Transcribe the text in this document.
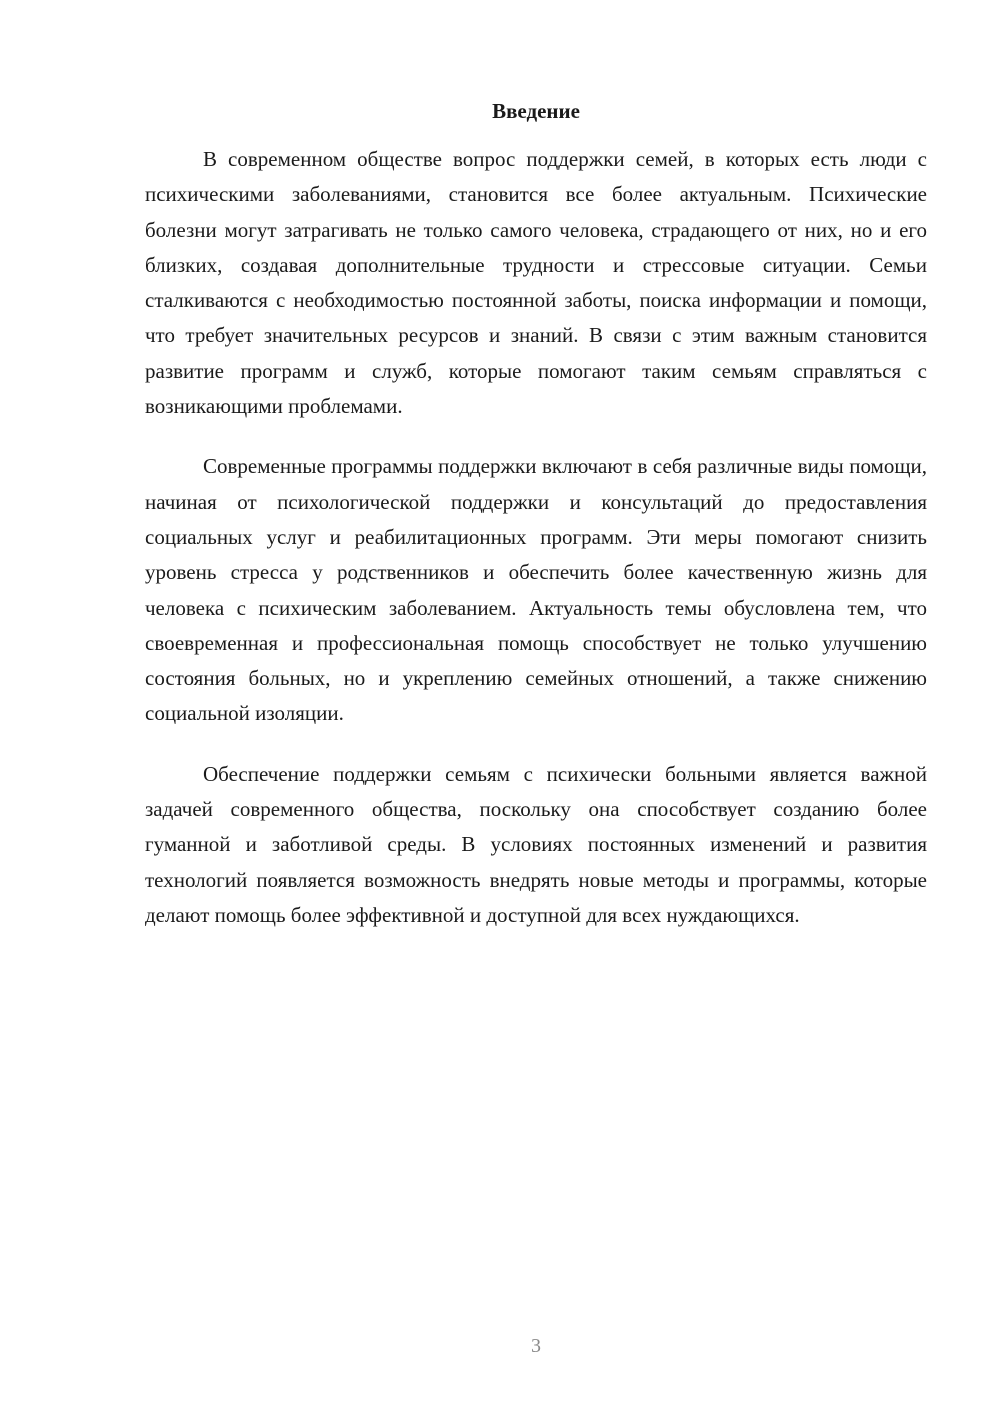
Введение

В современном обществе вопрос поддержки семей, в которых есть люди с психическими заболеваниями, становится все более актуальным. Психические болезни могут затрагивать не только самого человека, страдающего от них, но и его близких, создавая дополнительные трудности и стрессовые ситуации. Семьи сталкиваются с необходимостью постоянной заботы, поиска информации и помощи, что требует значительных ресурсов и знаний. В связи с этим важным становится развитие программ и служб, которые помогают таким семьям справляться с возникающими проблемами.

Современные программы поддержки включают в себя различные виды помощи, начиная от психологической поддержки и консультаций до предоставления социальных услуг и реабилитационных программ. Эти меры помогают снизить уровень стресса у родственников и обеспечить более качественную жизнь для человека с психическим заболеванием. Актуальность темы обусловлена тем, что своевременная и профессиональная помощь способствует не только улучшению состояния больных, но и укреплению семейных отношений, а также снижению социальной изоляции.

Обеспечение поддержки семьям с психически больными является важной задачей современного общества, поскольку она способствует созданию более гуманной и заботливой среды. В условиях постоянных изменений и развития технологий появляется возможность внедрять новые методы и программы, которые делают помощь более эффективной и доступной для всех нуждающихся.

3
